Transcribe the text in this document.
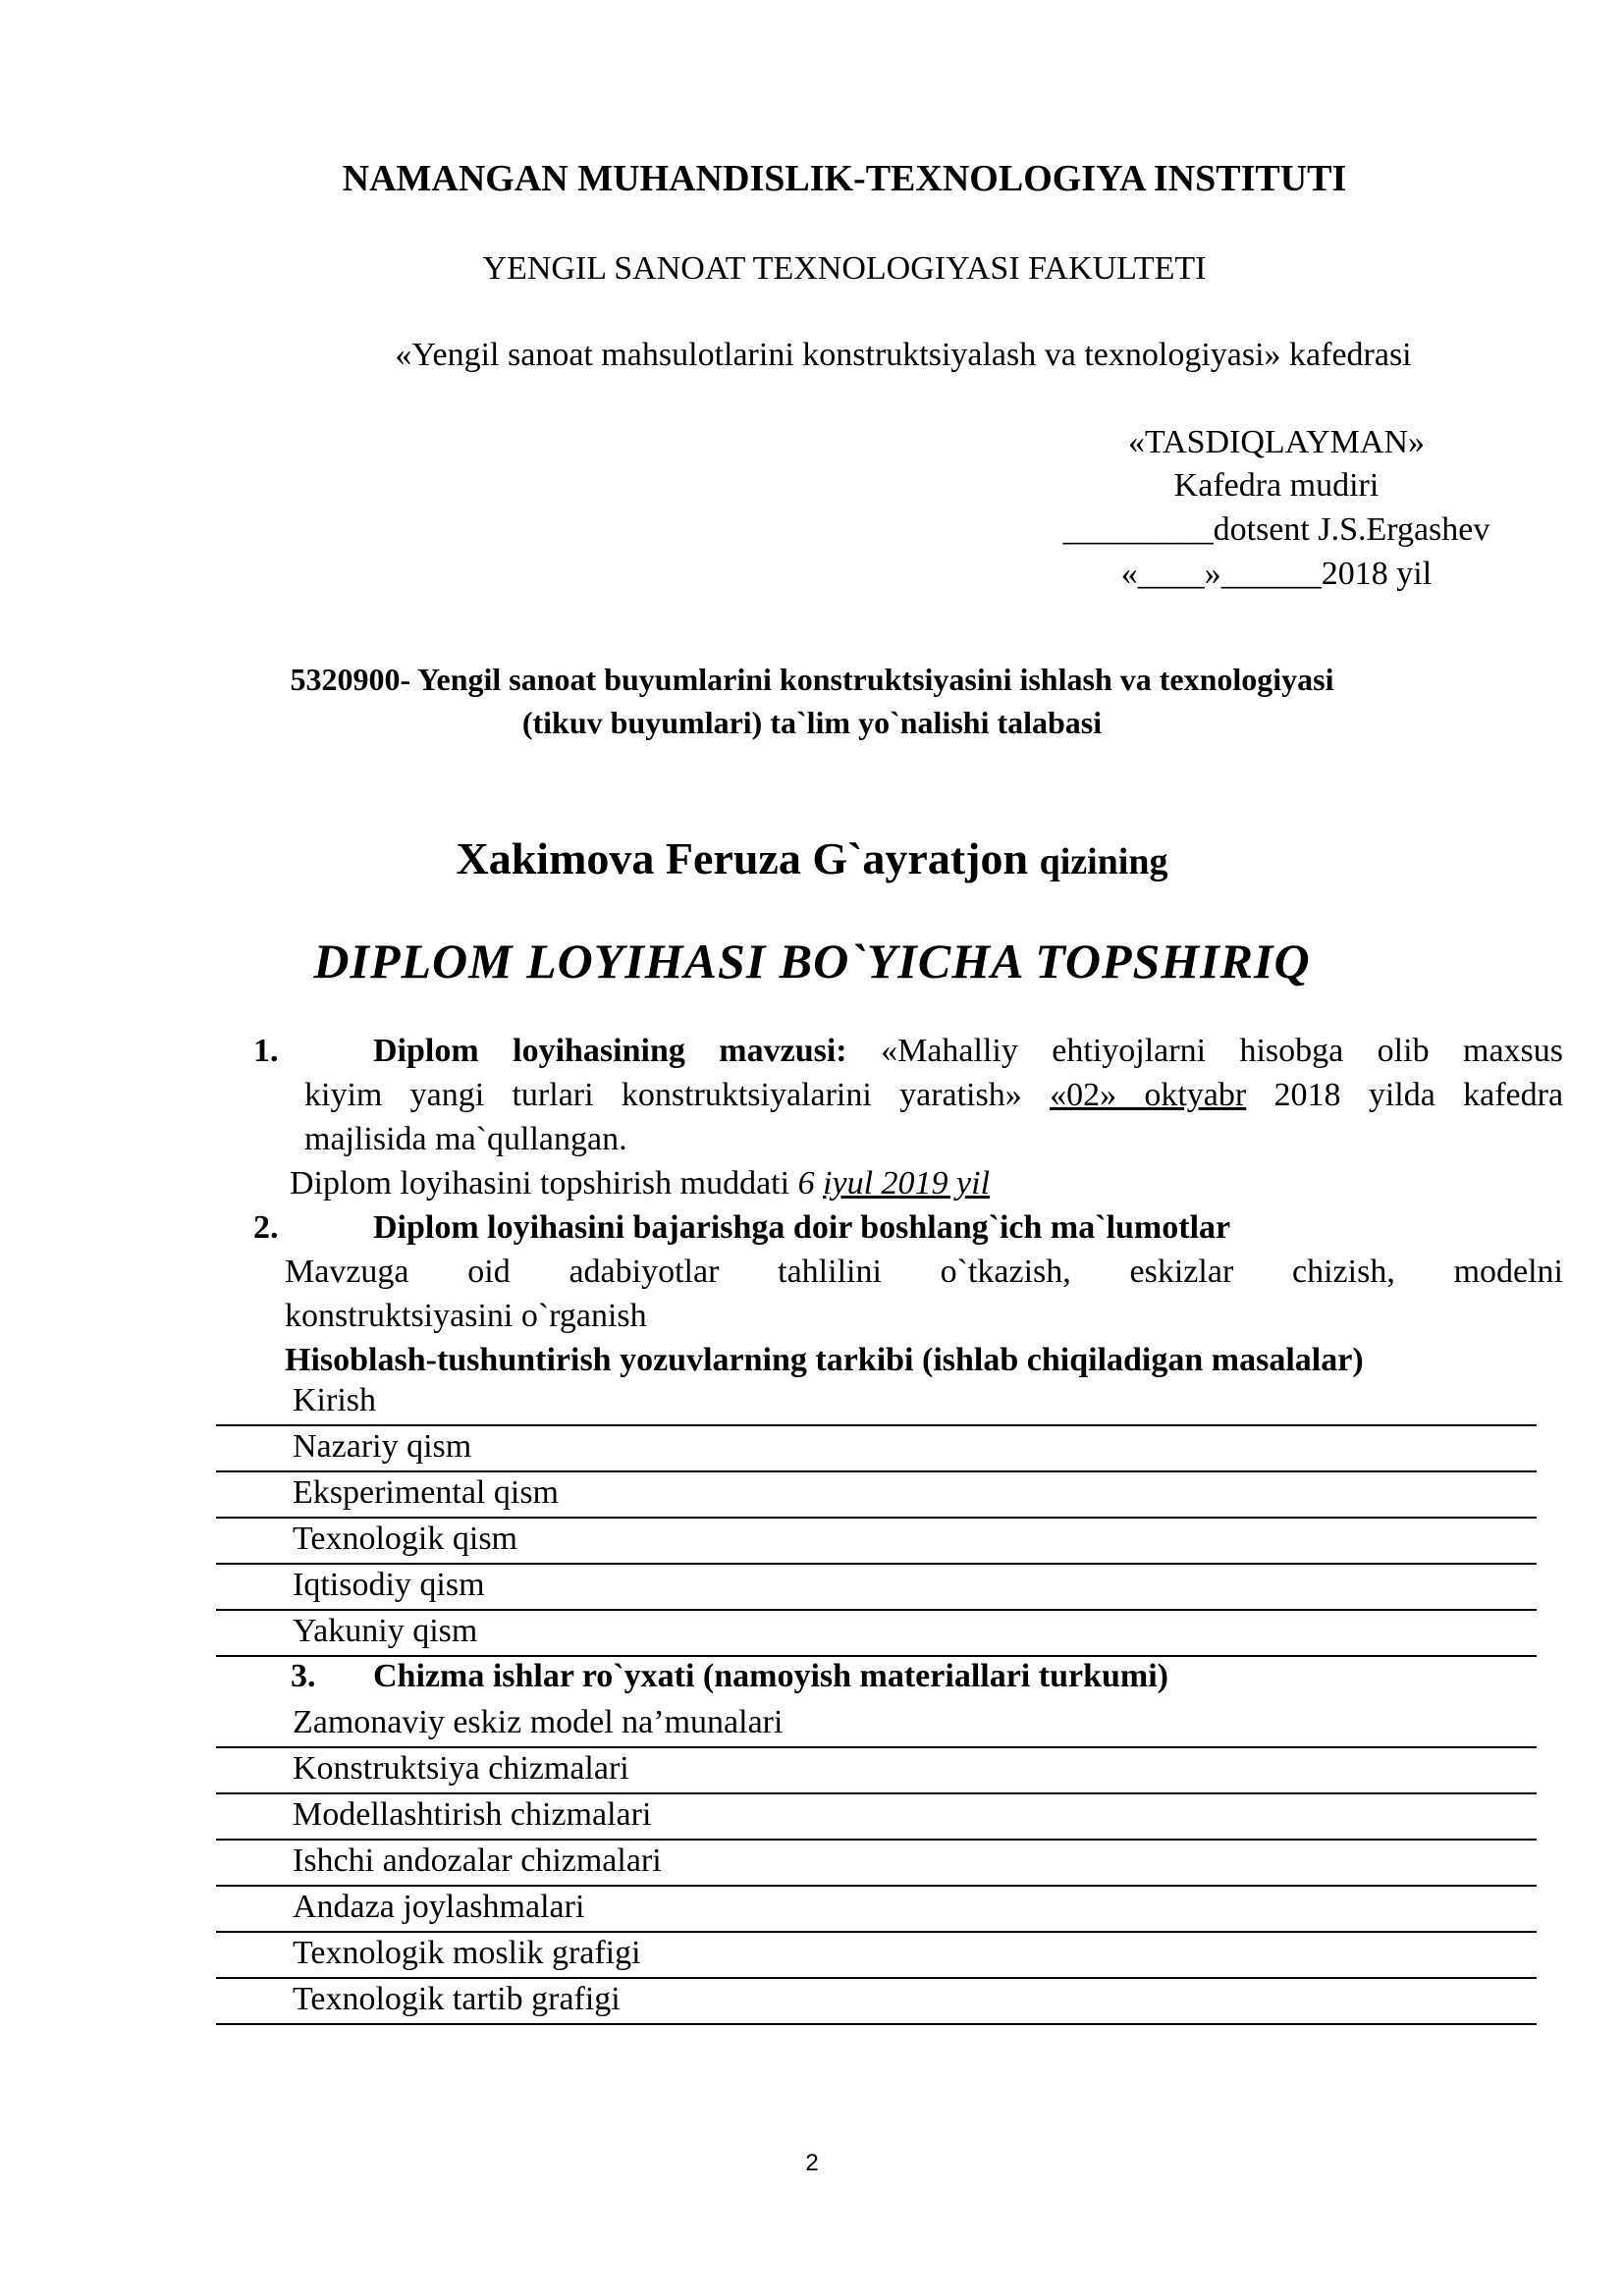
NAMANGAN MUHANDISLIK-TEXNOLOGIYA INSTITUTI
YENGIL SANOAT TEXNOLOGIYASI FAKULTETI
«Yengil sanoat mahsulotlarini konstruktsiyalash va texnologiyasi» kafedrasi
«TASDIQLAYMAN»
Kafedra mudiri
_________dotsent J.S.Ergashev
«____»______2018 yil
5320900- Yengil sanoat buyumlarini konstruktsiyasini ishlash va texnologiyasi
(tikuv buyumlari) ta`lim yo`nalishi talabasi
Xakimova Feruza G`ayratjon qizining
DIPLOM LOYIHASI BO`YICHA TOPSHIRIQ
1.	Diplom loyihasining mavzusi: «Mahalliy ehtiyojlarni hisobga olib maxsus
kiyim yangi turlari konstruktsiyalarini yaratish» «02» oktyabr 2018 yilda kafedra
majlisida ma`qullangan.
Diplom loyihasini topshirish muddati 6 iyul 2019 yil
2.	Diplom loyihasini bajarishga doir boshlang`ich ma`lumotlar
Mavzuga oid adabiyotlar tahlilini o`tkazish, eskizlar chizish, modelni
konstruktsiyasini o`rganish
Hisoblash-tushuntirish yozuvlarning tarkibi (ishlab chiqiladigan masalalar)
Kirish
Nazariy qism
Eksperimental qism
Texnologik qism
Iqtisodiy qism
Yakuniy qism
3. Chizma ishlar ro`yxati (namoyish materiallari turkumi)
Zamonaviy eskiz model na’munalari
Konstruktsiya chizmalari
Modellashtirish chizmalari
Ishchi andozalar chizmalari
Andaza joylashmalari
Texnologik moslik grafigi
Texnologik tartib grafigi
2
